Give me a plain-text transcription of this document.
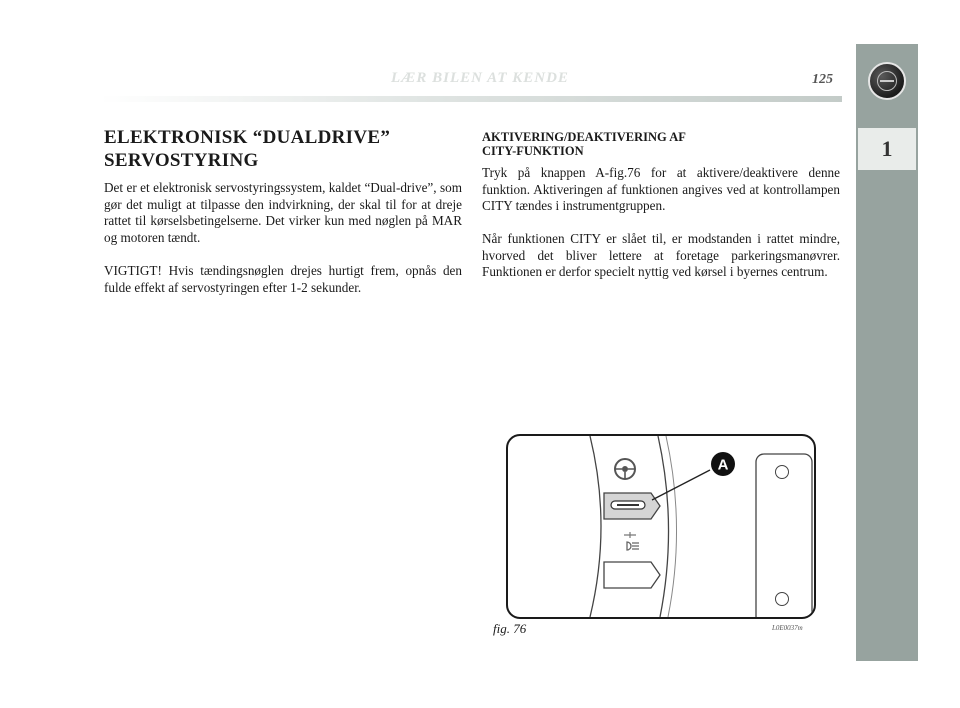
LÆR BILEN AT KENDE	125
1
ELEKTRONISK “DUALDRIVE”
SERVOSTYRING

Det er et elektronisk servostyringssystem, kaldet “Dual-drive”, som gør det muligt at tilpasse den indvirkning, der skal til for at dreje rattet til kørselsbetingelserne. Det virker kun med nøglen på MAR og motoren tændt.

VIGTIGT! Hvis tændingsnøglen drejes hurtigt frem, opnås den fulde effekt af servostyringen efter 1-2 sekunder.

AKTIVERING/DEAKTIVERING AF
CITY-FUNKTION

Tryk på knappen A-fig.76 for at aktivere/deaktivere denne funktion. Aktiveringen af funktionen angives ved at kontrollampen CITY tændes i instrumentgruppen.

Når funktionen CITY er slået til, er modstanden i rattet mindre, hvorved det bliver lettere at foretage parkeringsmanøvrer. Funktionen er derfor specielt nyttig ved kørsel i byernes centrum.

A
fig. 76	L0E0037m
